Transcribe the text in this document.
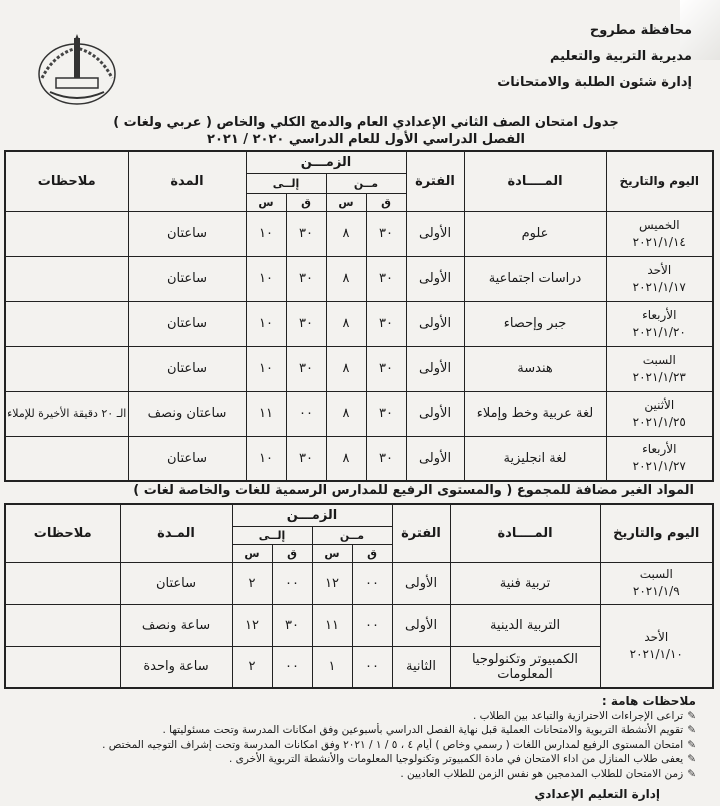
محافظة مطروح
مديرية التربية والتعليم
إدارة شئون الطلبة والامتحانات
جدول امتحان الصف الثاني الإعدادي العام والدمج الكلي والخاص ( عربي ولغات )
الفصل الدراسي الأول للعام الدراسي ٢٠٢٠ / ٢٠٢١
اليوم والتاريخ	المــــادة	الفترة	الزمـــن				المدة	ملاحظات
			مــن		إلــى			
			ق	س	ق	س		

الخميس
٢٠٢١/١/١٤	علوم	الأولى	٣٠	٨	٣٠	١٠	ساعتان	

الأحد
٢٠٢١/١/١٧	دراسات اجتماعية	الأولى	٣٠	٨	٣٠	١٠	ساعتان	

الأربعاء
٢٠٢١/١/٢٠	جبر وإحصاء	الأولى	٣٠	٨	٣٠	١٠	ساعتان	

السبت
٢٠٢١/١/٢٣	هندسة	الأولى	٣٠	٨	٣٠	١٠	ساعتان	

الأثنين
٢٠٢١/١/٢٥	لغة عربية وخط وإملاء	الأولى	٣٠	٨	٠٠	١١	ساعتان ونصف	الـ ٢٠ دقيقة الأخيرة للإملاء

الأربعاء
٢٠٢١/١/٢٧	لغة انجليزية	الأولى	٣٠	٨	٣٠	١٠	ساعتان	
المواد الغير مضافة للمجموع ( والمستوى الرفيع للمدارس الرسمية للغات والخاصة لغات )
اليوم والتاريخ	المــــادة	الفترة	الزمـــن				المـدة	ملاحظات
			مــن		إلــى			
			ق	س	ق	س		

السبت
٢٠٢١/١/٩	تربية فنية	الأولى	٠٠	١٢	٠٠	٢	ساعتان	

الأحد
٢٠٢١/١/١٠	التربية الدينية	الأولى	٠٠	١١	٣٠	١٢	ساعة ونصف	
	الكمبيوتر وتكنولوجيا المعلومات	الثانية	٠٠	١	٠٠	٢	ساعة واحدة	
ملاحظات هامة :
✎تراعى الإجراءات الاحترازية والتباعد بين الطلاب .
✎تقويم الأنشطة التربوية والامتحانات العملية قبل نهاية الفصل الدراسي بأسبوعين وفق امكانات المدرسة وتحت مسئوليتها .
✎امتحان المستوى الرفيع لمدارس اللغات ( رسمي وخاص ) أيام ٤ ، ٥ / ١ / ٢٠٢١ وفق امكانات المدرسة وتحت إشراف التوجيه المختص .
✎يعفى طلاب المنازل من اداء الامتحان في مادة الكمبيوتر وتكنولوجيا المعلومات والأنشطة التربوية الأخرى .
✎زمن الامتحان للطلاب المدمجين هو نفس الزمن للطلاب العاديين .
إدارة التعليم الإعدادي
